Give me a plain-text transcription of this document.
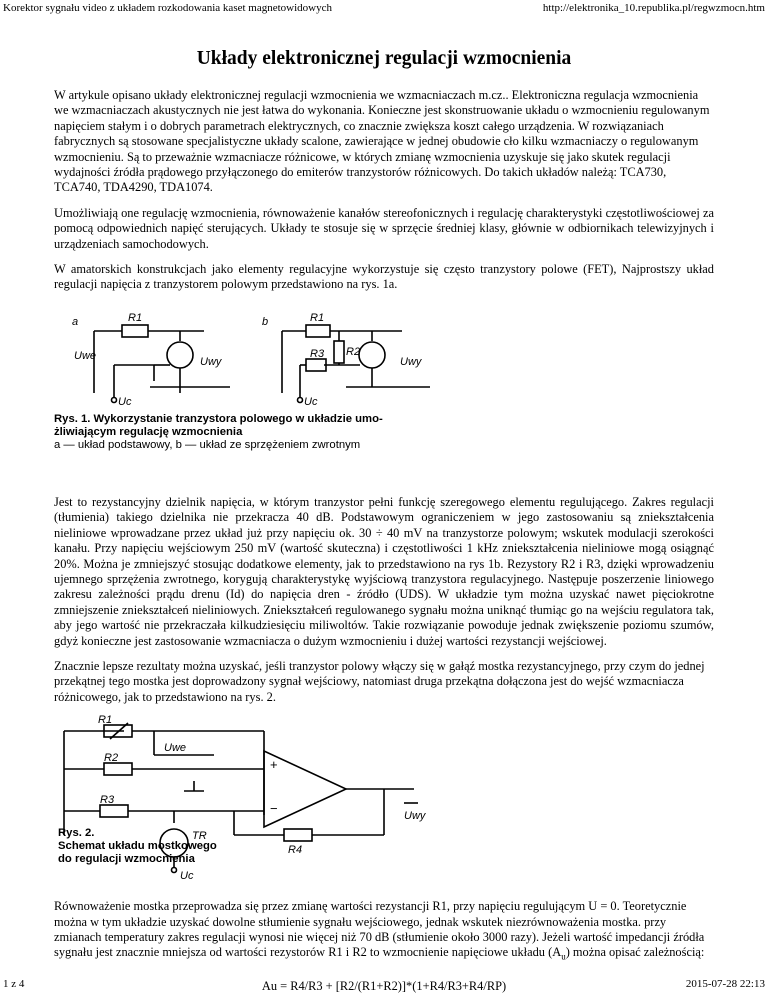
Korektor sygnału video z układem rozkodowania kaset magnetowidowych	http://elektronika_10.republika.pl/regwzmocn.htm
Układy elektronicznej regulacji wzmocnienia

W artykule opisano układy elektronicznej regulacji wzmocnienia we wzmacniaczach m.cz.. Elektroniczna regulacja wzmocnienia we wzmacniaczach akustycznych nie jest łatwa do wykonania. Konieczne jest skonstruowanie układu o wzmocnieniu regulowanym napięciem stałym i o dobrych parametrach elektrycznych, co znacznie zwiększa koszt całego urządzenia. W rozwiązaniach fabrycznych są stosowane specjalistyczne układy scalone, zawierające w jednej obudowie cło kilku wzmacniaczy o regulowanym wzmocnieniu. Są to przeważnie wzmacniacze różnicowe, w których zmianę wzmocnienia uzyskuje się jako skutek regulacji wydajności źródła prądowego przyłączonego do emiterów tranzystorów różnicowych. Do takich układów należą: TCA730, TCA740, TDA4290, TDA1074.

Umożliwiają one regulację wzmocnienia, równoważenie kanałów stereofonicznych i regulację charakterystyki częstotliwościowej za pomocą odpowiednich napięć sterujących. Układy te stosuje się w sprzęcie średniej klasy, głównie w odbiornikach telewizyjnych i urządzeniach samochodowych.

W amatorskich konstrukcjach jako elementy regulacyjne wykorzystuje się często tranzystory polowe (FET), Najprostszy układ regulacji napięcia z tranzystorem polowym przedstawiono na rys. 1a.

a	b
R1	R1
R2
R3
Uwe	Uwy	Uwy
Uc	Uc
Rys. 1. Wykorzystanie tranzystora polowego w układzie umo-
żliwiającym regulację wzmocnienia
a — układ podstawowy, b — układ ze sprzężeniem zwrotnym

Jest to rezystancyjny dzielnik napięcia, w którym tranzystor pełni funkcję szeregowego elementu regulującego. Zakres regulacji (tłumienia) takiego dzielnika nie przekracza 40 dB. Podstawowym ograniczeniem w jego zastosowaniu są zniekształcenia nieliniowe wprowadzane przez układ już przy napięciu ok. 30 ÷ 40 mV na tranzystorze polowym; wskutek modulacji szerokości kanału. Przy napięciu wejściowym 250 mV (wartość skuteczna) i częstotliwości 1 kHz zniekształcenia nieliniowe mogą osiągnąć 20%. Można je zmniejszyć stosując dodatkowe elementy, jak to przedstawiono na rys 1b. Rezystory R2 i R3, dzięki wprowadzeniu ujemnego sprzężenia zwrotnego, korygują charakterystykę wyjściową tranzystora regulacyjnego. Następuje poszerzenie liniowego zakresu zależności prądu drenu (Id) do napięcia dren - źródło (UDS). W układzie tym można uzyskać nawet pięciokrotne zmniejszenie zniekształceń nieliniowych. Zniekształceń regulowanego sygnału można uniknąć tłumiąc go na wejściu regulatora tak, aby jego wartość nie przekraczała kilkudziesięciu miliwoltów. Takie rozwiązanie powoduje jednak zwiększenie poziomu szumów, gdyż konieczne jest zastosowanie wzmacniacza o dużym wzmocnieniu i dużej wartości rezystancji wejściowej.

Znacznie lepsze rezultaty można uzyskać, jeśli tranzystor polowy włączy się w gałąź mostka rezystancyjnego, przy czym do jednej przekątnej tego mostka jest doprowadzony sygnał wejściowy, natomiast druga przekątna dołączona jest do wejść wzmacniacza różnicowego, jak to przedstawiono na rys. 2.

R1
R2
R3
R4
Uwe
Uwy
Uc
TR
+
−
Rys. 2.
Schemat układu mostkowego
do regulacji wzmocnienia

Równoważenie mostka przeprowadza się przez zmianę wartości rezystancji R1, przy napięciu regulującym U = 0. Teoretycznie można w tym układzie uzyskać dowolne stłumienie sygnału wejściowego, jednak wskutek niezrównoważenia mostka. przy zmianach temperatury zakres regulacji wynosi nie więcej niż 70 dB (stłumienie około 3000 razy). Jeżeli wartość impedancji źródła sygnału jest znacznie mniejsza od wartości rezystorów R1 i R2 to wzmocnienie napięciowe układu $(A_u)$ można opisać zależnością:

Au = R4/R3 + [R2/(R1+R2)]*(1+R4/R3+R4/RP)

1 z 4	2015-07-28 22:13
